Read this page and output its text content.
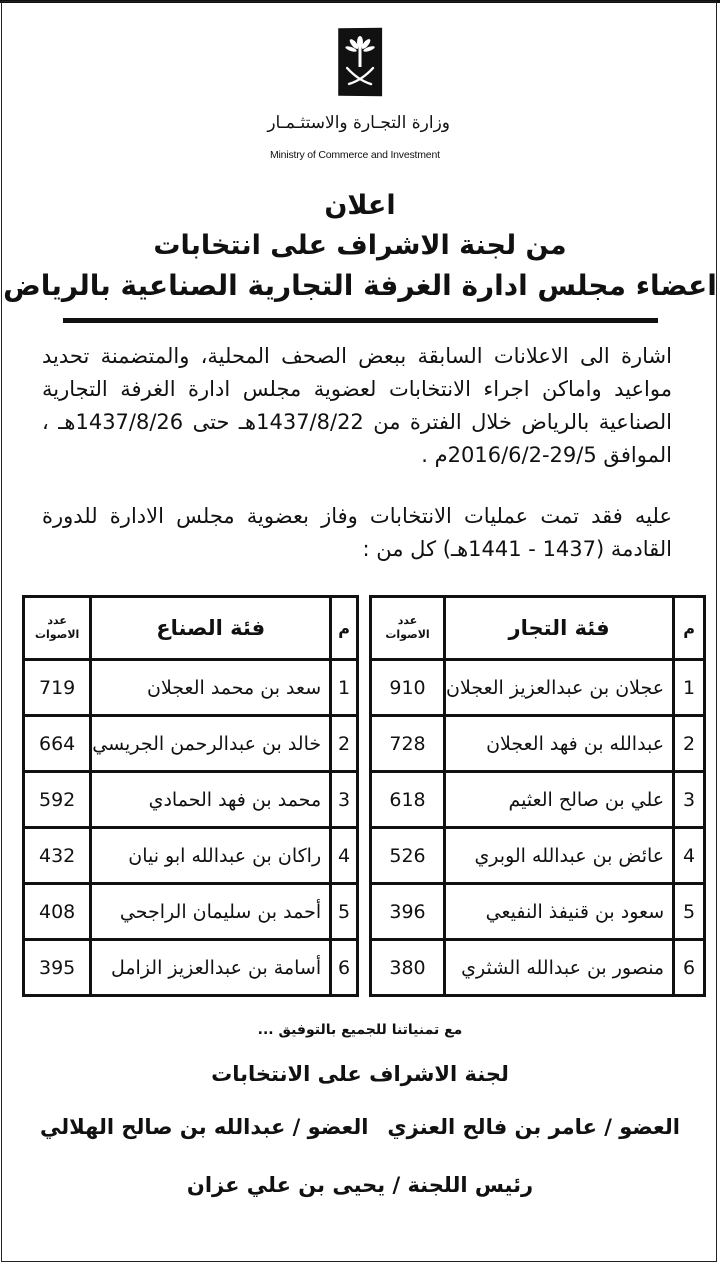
وزارة التجـارة والاستثـمـار
Ministry of Commerce and Investment
اعلان
من لجنة الاشراف على انتخابات
اعضاء مجلس ادارة الغرفة التجارية الصناعية بالرياض
اشارة الى الاعلانات السابقة ببعض الصحف المحلية، والمتضمنة تحديد مواعيد واماكن اجراء الانتخابات لعضوية مجلس ادارة الغرفة التجارية الصناعية بالرياض خلال الفترة من 1437/8/22هـ حتى 1437/8/26هـ ، الموافق 29/5-2016/6/2م .
عليه فقد تمت عمليات الانتخابات وفاز بعضوية مجلس الادارة للدورة القادمة (1437 - 1441هـ) كل من :
م	فئة التجار	عدد
الاصوات
1	عجلان بن عبدالعزيز العجلان	910
2	عبدالله بن فهد العجلان	728
3	علي بن صالح العثيم	618
4	عائض بن عبدالله الوبري	526
5	سعود بن قنيفذ النفيعي	396
6	منصور بن عبدالله الشثري	380
م	فئة الصناع	عدد
الاصوات
1	سعد بن محمد العجلان	719
2	خالد بن عبدالرحمن الجريسي	664
3	محمد بن فهد الحمادي	592
4	راكان بن عبدالله ابو نيان	432
5	أحمد بن سليمان الراجحي	408
6	أسامة بن عبدالعزيز الزامل	395
مع تمنياتنا للجميع بالتوفيق ...
لجنة الاشراف على الانتخابات
العضو / عامر بن فالح العنزي
العضو / عبدالله بن صالح الهلالي
رئيس اللجنة / يحيى بن علي عزان
